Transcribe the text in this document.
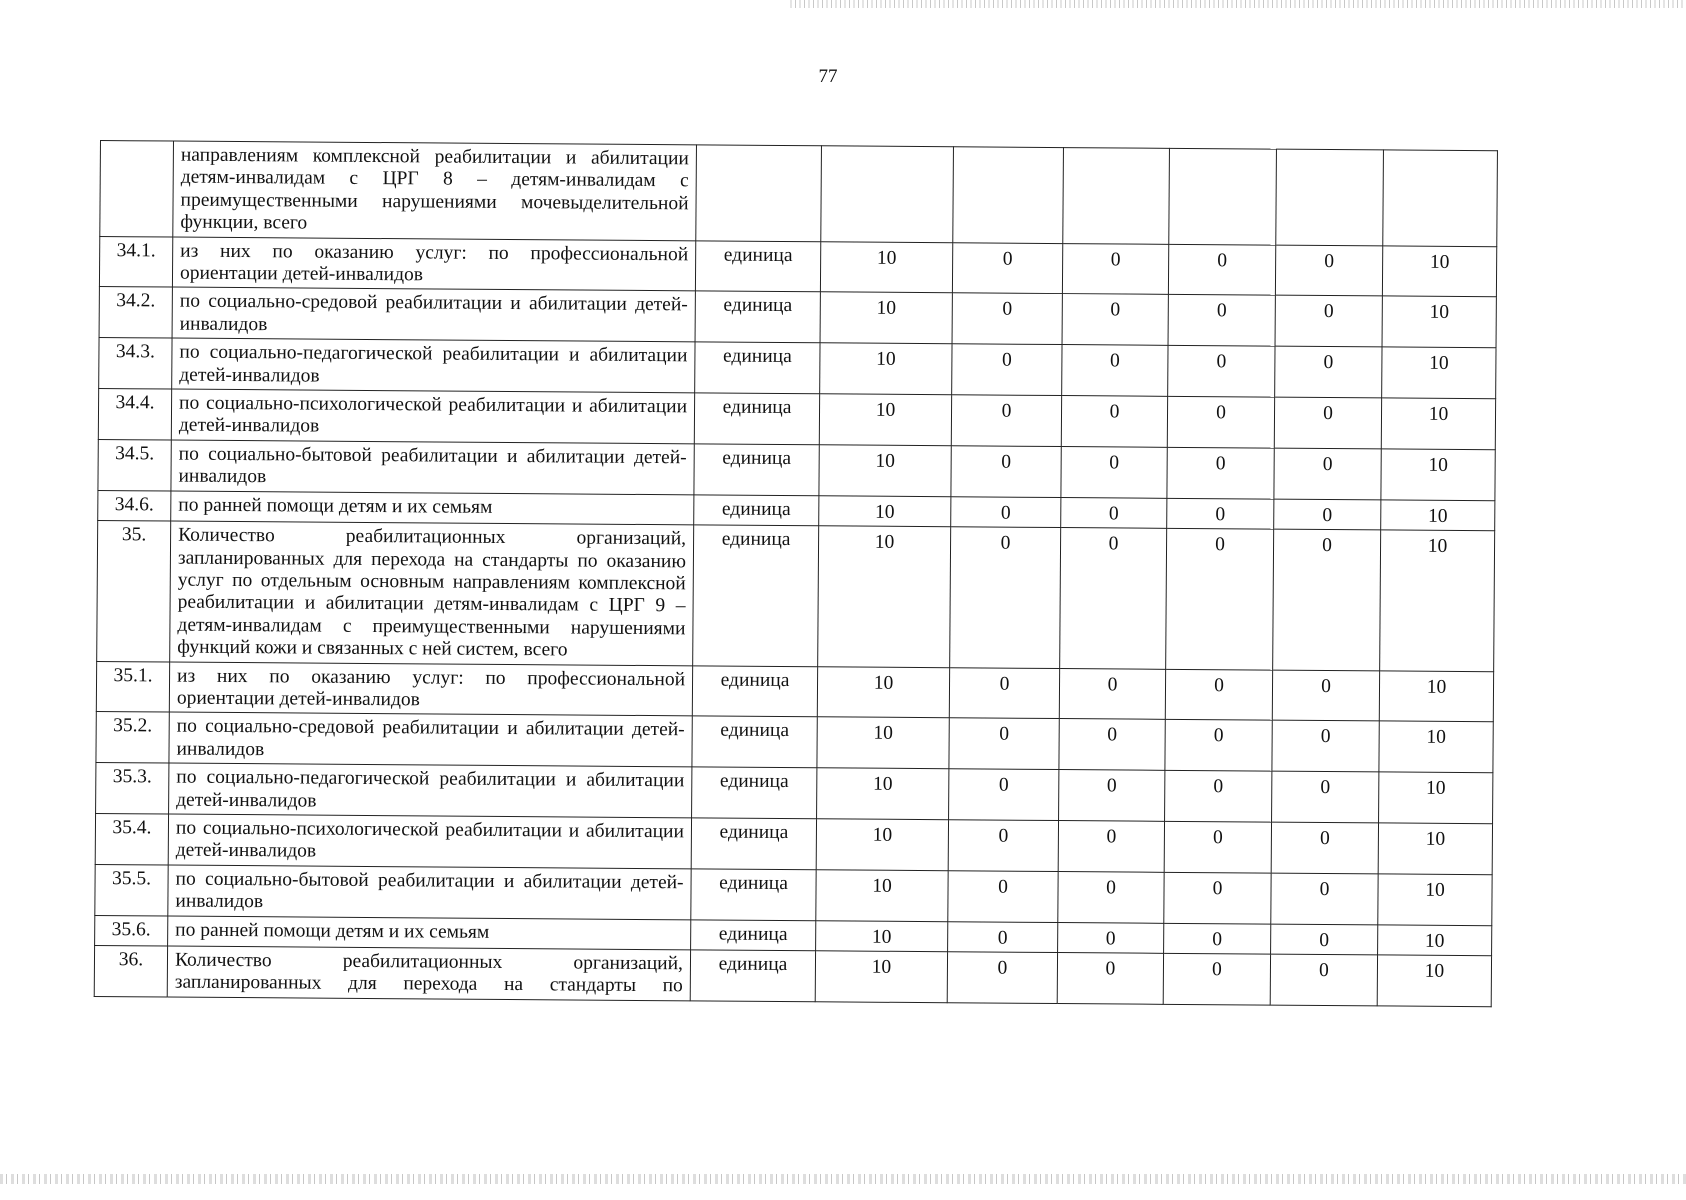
77
	направлениям комплексной реабилитации и абилитации детям-инвалидам с ЦРГ 8 – детям-инвалидам с преимущественными нарушениями мочевыделительной функции, всего							
34.1.	из них по оказанию услуг: по профессиональной ориентации детей-инвалидов	единица	10	0	0	0	0	10
34.2.	по социально-средовой реабилитации и абилитации детей-инвалидов	единица	10	0	0	0	0	10
34.3.	по социально-педагогической реабилитации и абилитации детей-инвалидов	единица	10	0	0	0	0	10
34.4.	по социально-психологической реабилитации и абилитации детей-инвалидов	единица	10	0	0	0	0	10
34.5.	по социально-бытовой реабилитации и абилитации детей-инвалидов	единица	10	0	0	0	0	10
34.6.	по ранней помощи детям и их семьям	единица	10	0	0	0	0	10
35.	Количество реабилитационных организаций, запланированных для перехода на стандарты по оказанию услуг по отдельным основным направлениям комплексной реабилитации и абилитации детям-инвалидам с ЦРГ 9 – детям-инвалидам с преимущественными нарушениями функций кожи и связанных с ней систем, всего	единица	10	0	0	0	0	10
35.1.	из них по оказанию услуг: по профессиональной ориентации детей-инвалидов	единица	10	0	0	0	0	10
35.2.	по социально-средовой реабилитации и абилитации детей-инвалидов	единица	10	0	0	0	0	10
35.3.	по социально-педагогической реабилитации и абилитации детей-инвалидов	единица	10	0	0	0	0	10
35.4.	по социально-психологической реабилитации и абилитации детей-инвалидов	единица	10	0	0	0	0	10
35.5.	по социально-бытовой реабилитации и абилитации детей-инвалидов	единица	10	0	0	0	0	10
35.6.	по ранней помощи детям и их семьям	единица	10	0	0	0	0	10
36.	Количество реабилитационных организаций, запланированных для перехода на стандарты по	единица	10	0	0	0	0	10
